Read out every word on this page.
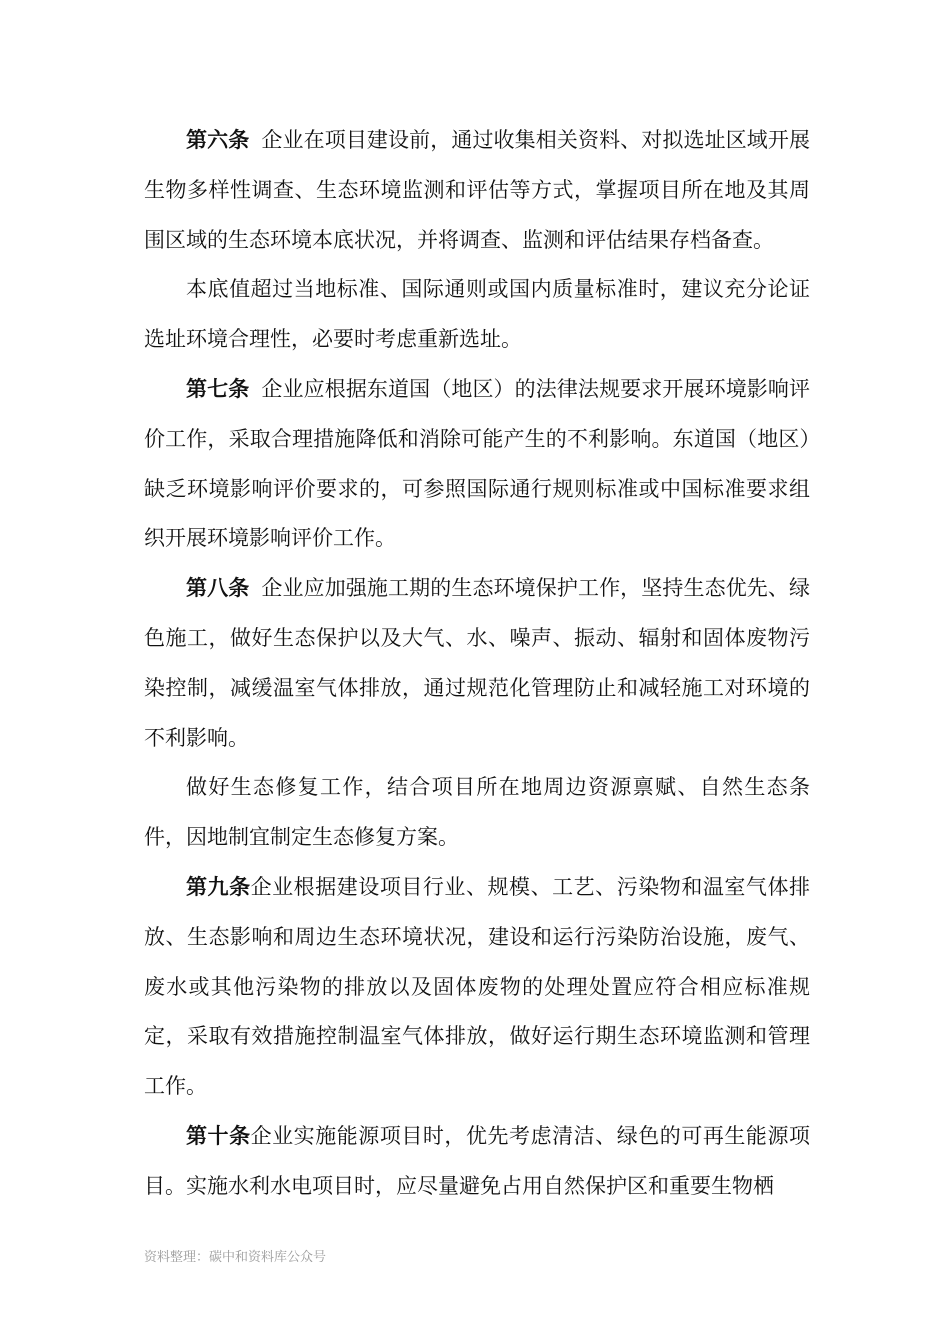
第六条 企业在项目建设前，通过收集相关资料、对拟选址区域开展生物多样性调查、生态环境监测和评估等方式，掌握项目所在地及其周围区域的生态环境本底状况，并将调查、监测和评估结果存档备查。

本底值超过当地标准、国际通则或国内质量标准时，建议充分论证选址环境合理性，必要时考虑重新选址。

第七条 企业应根据东道国（地区）的法律法规要求开展环境影响评价工作，采取合理措施降低和消除可能产生的不利影响。东道国（地区）缺乏环境影响评价要求的，可参照国际通行规则标准或中国标准要求组织开展环境影响评价工作。

第八条 企业应加强施工期的生态环境保护工作，坚持生态优先、绿色施工，做好生态保护以及大气、水、噪声、振动、辐射和固体废物污染控制，减缓温室气体排放，通过规范化管理防止和减轻施工对环境的不利影响。

做好生态修复工作，结合项目所在地周边资源禀赋、自然生态条件，因地制宜制定生态修复方案。

第九条企业根据建设项目行业、规模、工艺、污染物和温室气体排放、生态影响和周边生态环境状况，建设和运行污染防治设施，废气、废水或其他污染物的排放以及固体废物的处理处置应符合相应标准规定，采取有效措施控制温室气体排放，做好运行期生态环境监测和管理工作。

第十条企业实施能源项目时，优先考虑清洁、绿色的可再生能源项目。实施水利水电项目时，应尽量避免占用自然保护区和重要生物栖

资料整理：碳中和资料库公众号
